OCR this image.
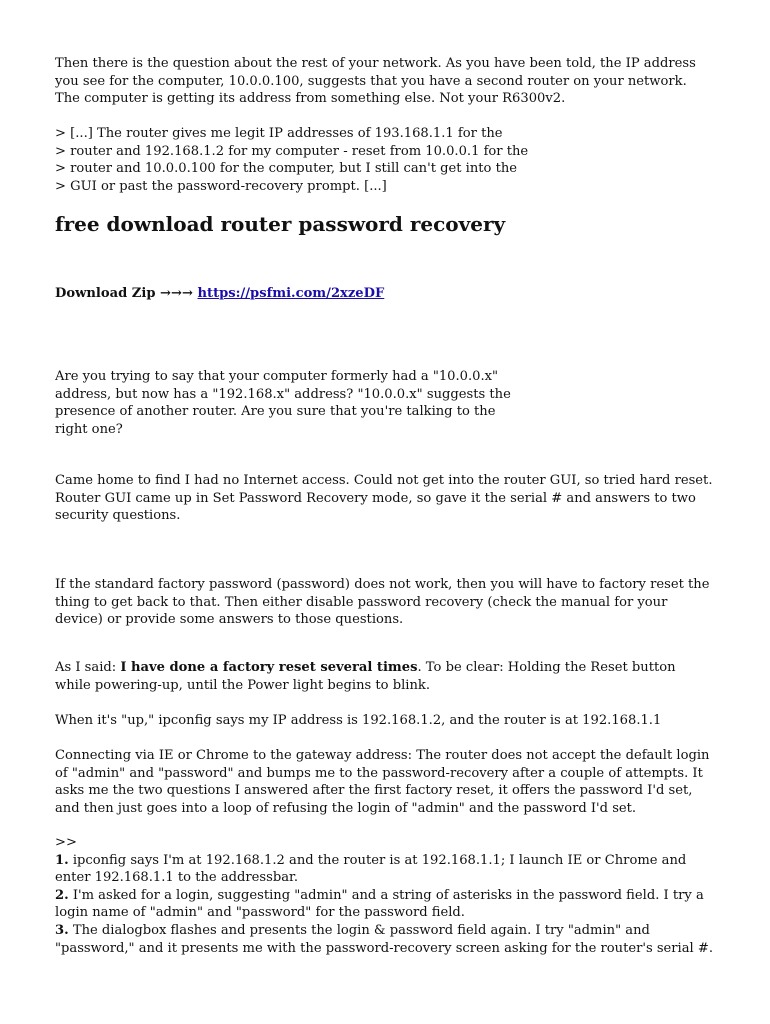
Then there is the question about the rest of your network. As you have been told, the IP address you see for the computer, 10.0.0.100, suggests that you have a second router on your network. The computer is getting its address from something else. Not your R6300v2.

> [...] The router gives me legit IP addresses of 193.168.1.1 for the

> router and 192.168.1.2 for my computer - reset from 10.0.0.1 for the

> router and 10.0.0.100 for the computer, but I still can't get into the

> GUI or past the password-recovery prompt. [...]

free download router password recovery

Download Zip →→→ https://psfmi.com/2xzeDF

Are you trying to say that your computer formerly had a "10.0.0.x"

address, but now has a "192.168.x" address? "10.0.0.x" suggests the

presence of another router. Are you sure that you're talking to the

right one?

Came home to find I had no Internet access. Could not get into the router GUI, so tried hard reset. Router GUI came up in Set Password Recovery mode, so gave it the serial # and answers to two security questions.

If the standard factory password (password) does not work, then you will have to factory reset the thing to get back to that. Then either disable password recovery (check the manual for your device) or provide some answers to those questions.

As I said: I have done a factory reset several times. To be clear: Holding the Reset button while powering-up, until the Power light begins to blink.

When it's "up," ipconfig says my IP address is 192.168.1.2, and the router is at 192.168.1.1

Connecting via IE or Chrome to the gateway address: The router does not accept the default login of "admin" and "password" and bumps me to the password-recovery after a couple of attempts. It asks me the two questions I answered after the first factory reset, it offers the password I'd set, and then just goes into a loop of refusing the login of "admin" and the password I'd set.

>>

1. ipconfig says I'm at 192.168.1.2 and the router is at 192.168.1.1; I launch IE or Chrome and enter 192.168.1.1 to the addressbar.

2. I'm asked for a login, suggesting "admin" and a string of asterisks in the password field. I try a login name of "admin" and "password" for the password field.

3. The dialogbox flashes and presents the login & password field again. I try "admin" and "password," and it presents me with the password-recovery screen asking for the router's serial #.
